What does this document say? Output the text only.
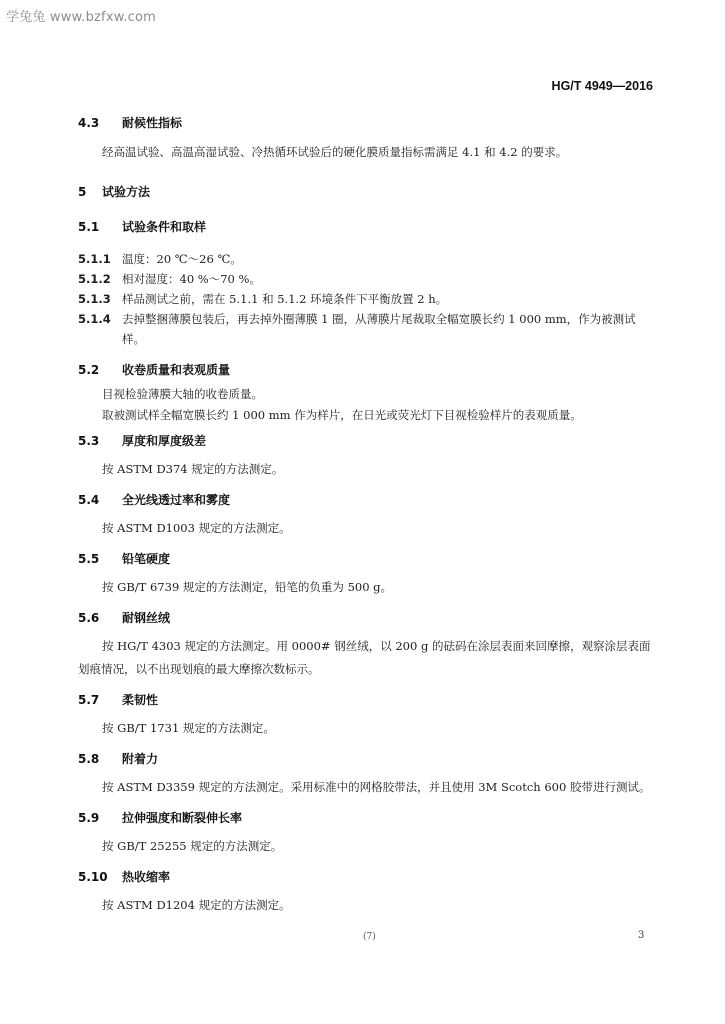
学兔兔 www.bzfxw.com
HG/T 4949—2016
4.3	耐候性指标
经高温试验、高温高湿试验、冷热循环试验后的硬化膜质量指标需满足 4.1 和 4.2 的要求。
5	试验方法
5.1	试验条件和取样
5.1.1 温度：20 ℃～26 ℃。
5.1.2 相对湿度：40 %～70 %。
5.1.3 样品测试之前，需在 5.1.1 和 5.1.2 环境条件下平衡放置 2 h。
5.1.4 去掉整捆薄膜包装后，再去掉外圈薄膜 1 圈，从薄膜片尾裁取全幅宽膜长约 1 000 mm，作为被测试样。
5.2	收卷质量和表观质量
目视检验薄膜大轴的收卷质量。
取被测试样全幅宽膜长约 1 000 mm 作为样片，在日光或荧光灯下目视检验样片的表观质量。
5.3	厚度和厚度级差
按 ASTM D374 规定的方法测定。
5.4	全光线透过率和雾度
按 ASTM D1003 规定的方法测定。
5.5	铅笔硬度
按 GB/T 6739 规定的方法测定，铅笔的负重为 500 g。
5.6	耐钢丝绒
按 HG/T 4303 规定的方法测定。用 0000# 钢丝绒，以 200 g 的砝码在涂层表面来回摩擦，观察涂层表面划痕情况，以不出现划痕的最大摩擦次数标示。
5.7	柔韧性
按 GB/T 1731 规定的方法测定。
5.8	附着力
按 ASTM D3359 规定的方法测定。采用标准中的网格胶带法，并且使用 3M Scotch 600 胶带进行测试。
5.9	拉伸强度和断裂伸长率
按 GB/T 25255 规定的方法测定。
5.10	热收缩率
按 ASTM D1204 规定的方法测定。
(7)	3
